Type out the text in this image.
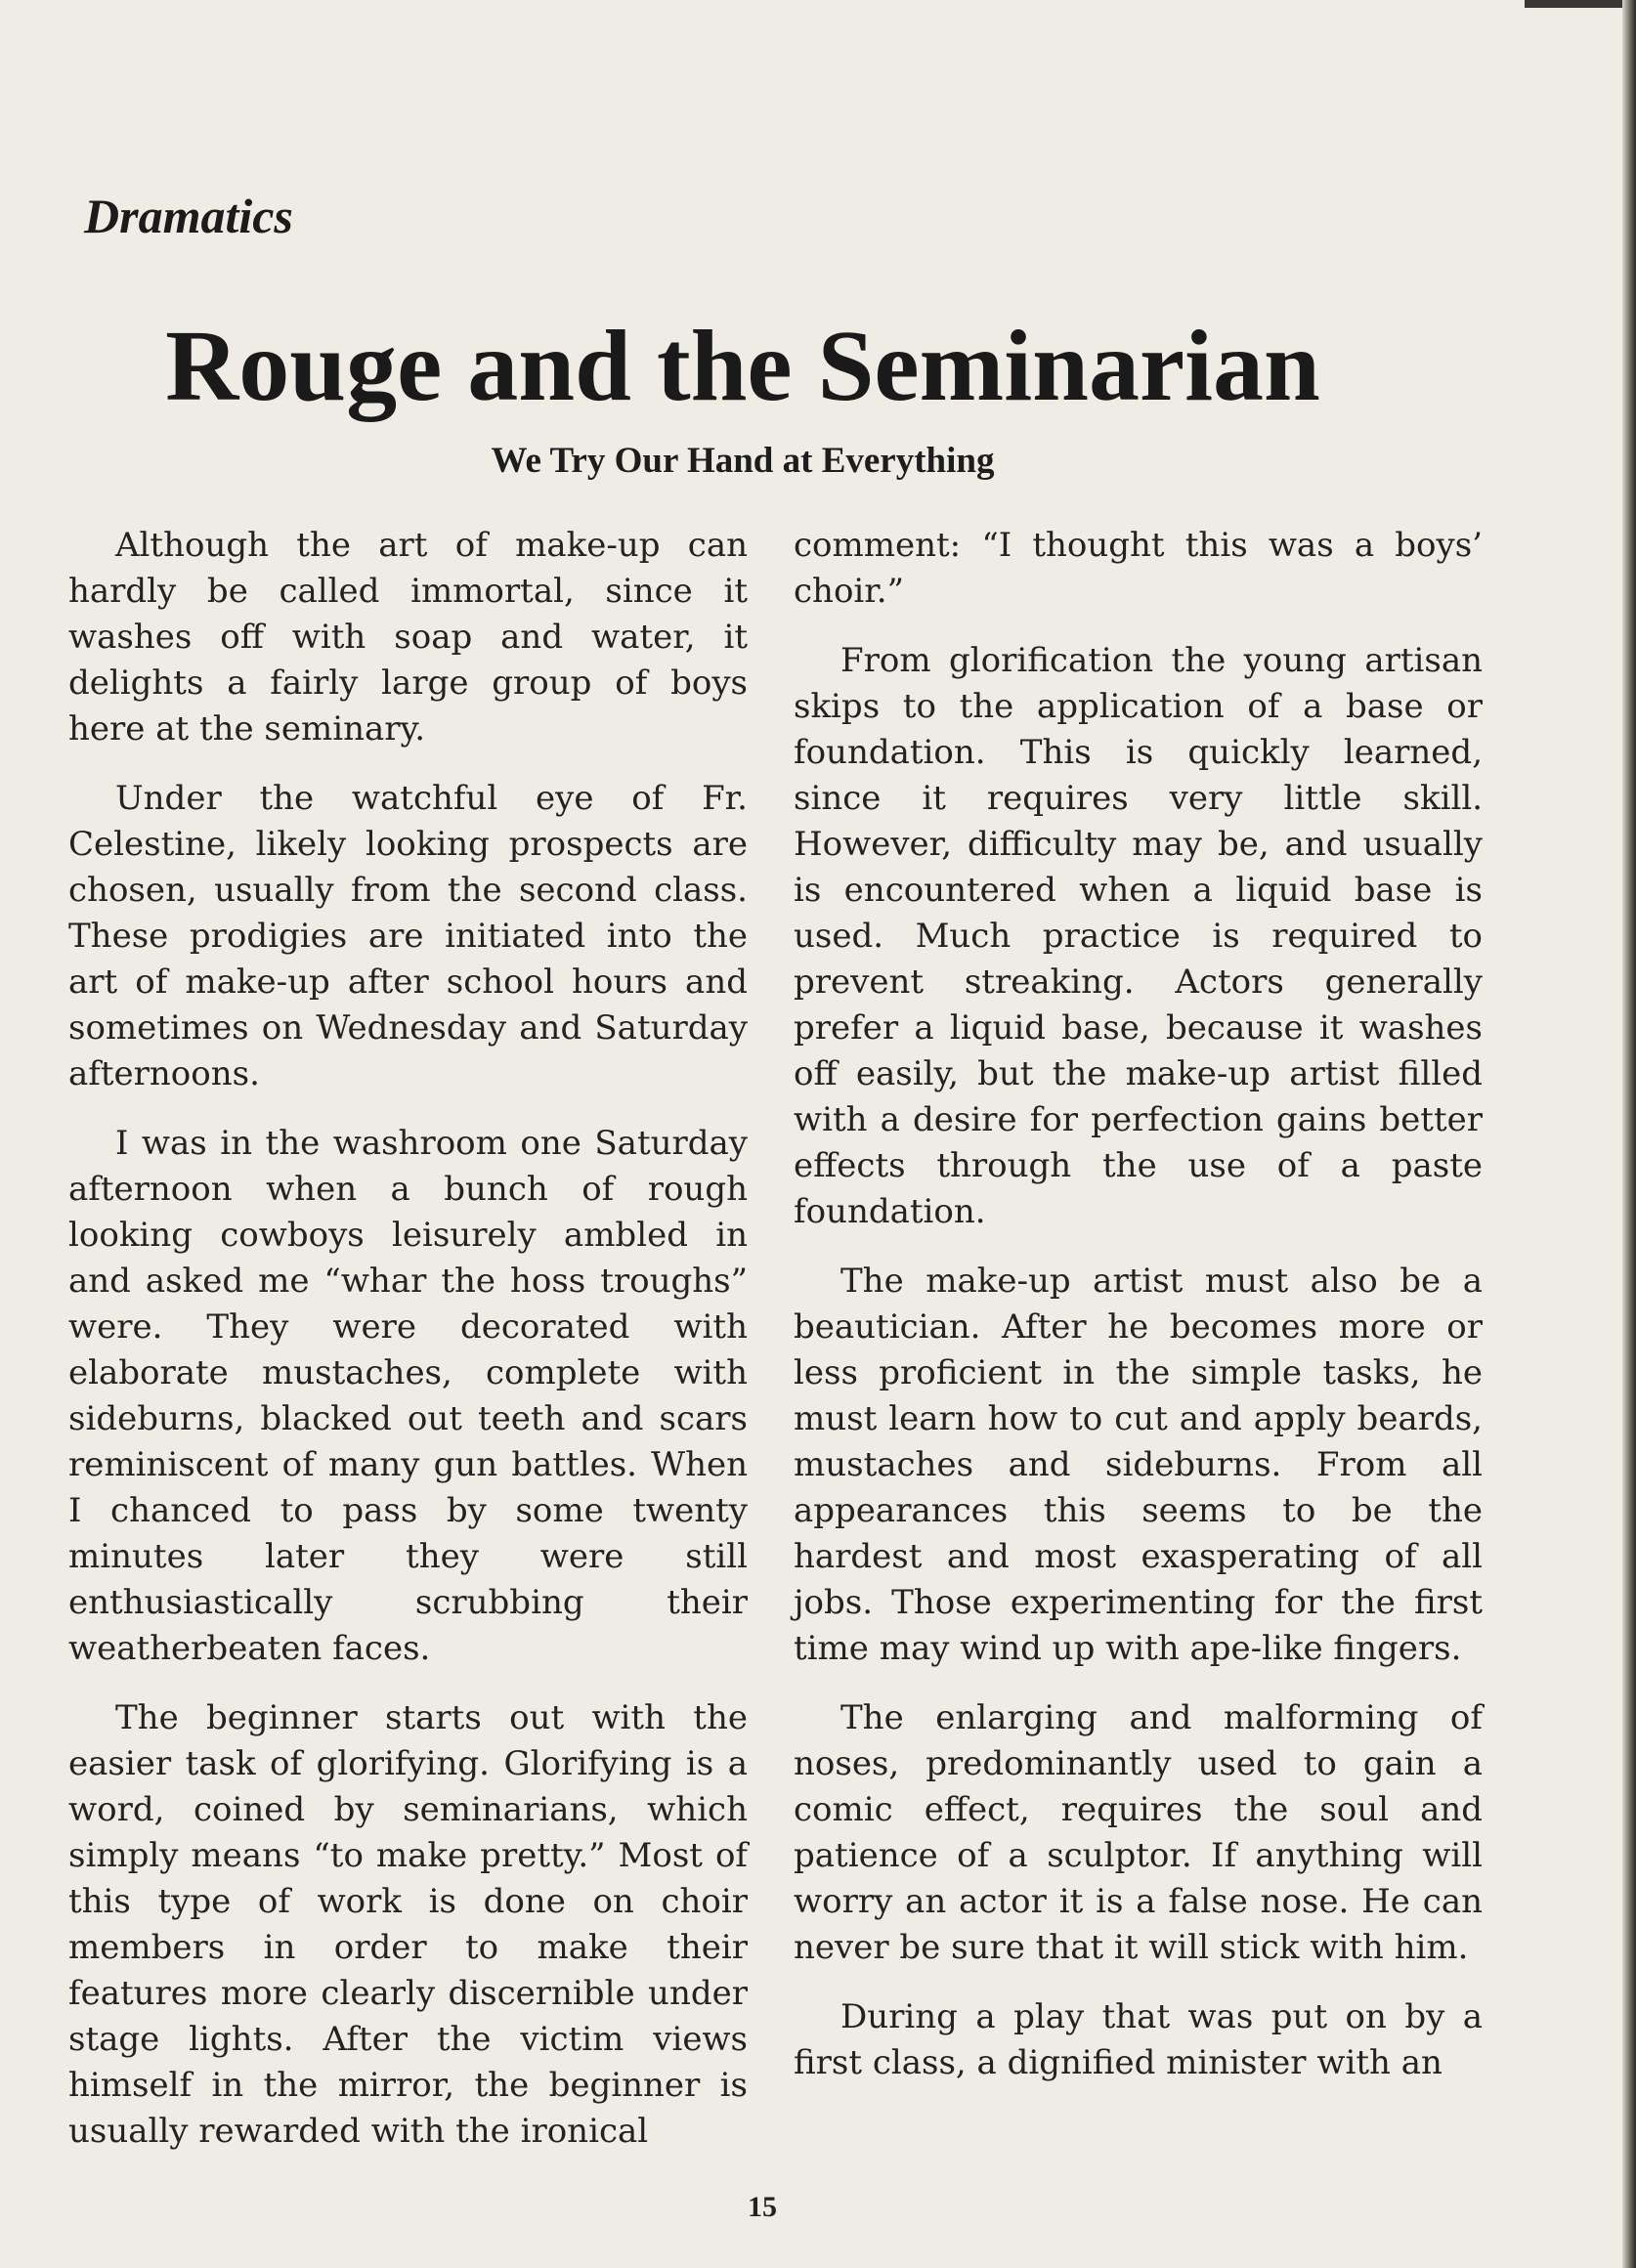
Dramatics
Rouge and the Seminarian
We Try Our Hand at Everything

Although the art of make-up can hardly be called immortal, since it washes off with soap and water, it delights a fairly large group of boys here at the seminary.

Under the watchful eye of Fr. Celestine, likely looking prospects are chosen, usually from the second class. These prodigies are initiated into the art of make-up after school hours and sometimes on Wednesday and Saturday afternoons.

I was in the washroom one Saturday afternoon when a bunch of rough looking cowboys leisurely ambled in and asked me “whar the hoss troughs” were. They were decorated with elaborate mustaches, complete with sideburns, blacked out teeth and scars reminiscent of many gun battles. When I chanced to pass by some twenty minutes later they were still enthusiastically scrubbing their weatherbeaten faces.

The beginner starts out with the easier task of glorifying. Glorifying is a word, coined by seminarians, which simply means “to make pretty.” Most of this type of work is done on choir members in order to make their features more clearly discernible under stage lights. After the victim views himself in the mirror, the beginner is usually rewarded with the ironical

comment: “I thought this was a boys’ choir.”

From glorification the young artisan skips to the application of a base or foundation. This is quickly learned, since it requires very little skill. However, difficulty may be, and usually is encountered when a liquid base is used. Much practice is required to prevent streaking. Actors generally prefer a liquid base, because it washes off easily, but the make-up artist filled with a desire for perfection gains better effects through the use of a paste foundation.

The make-up artist must also be a beautician. After he becomes more or less proficient in the simple tasks, he must learn how to cut and apply beards, mustaches and sideburns. From all appearances this seems to be the hardest and most exasperating of all jobs. Those experimenting for the first time may wind up with ape-like fingers.

The enlarging and malforming of noses, predominantly used to gain a comic effect, requires the soul and patience of a sculptor. If anything will worry an actor it is a false nose. He can never be sure that it will stick with him.

During a play that was put on by a first class, a dignified minister with an

15
